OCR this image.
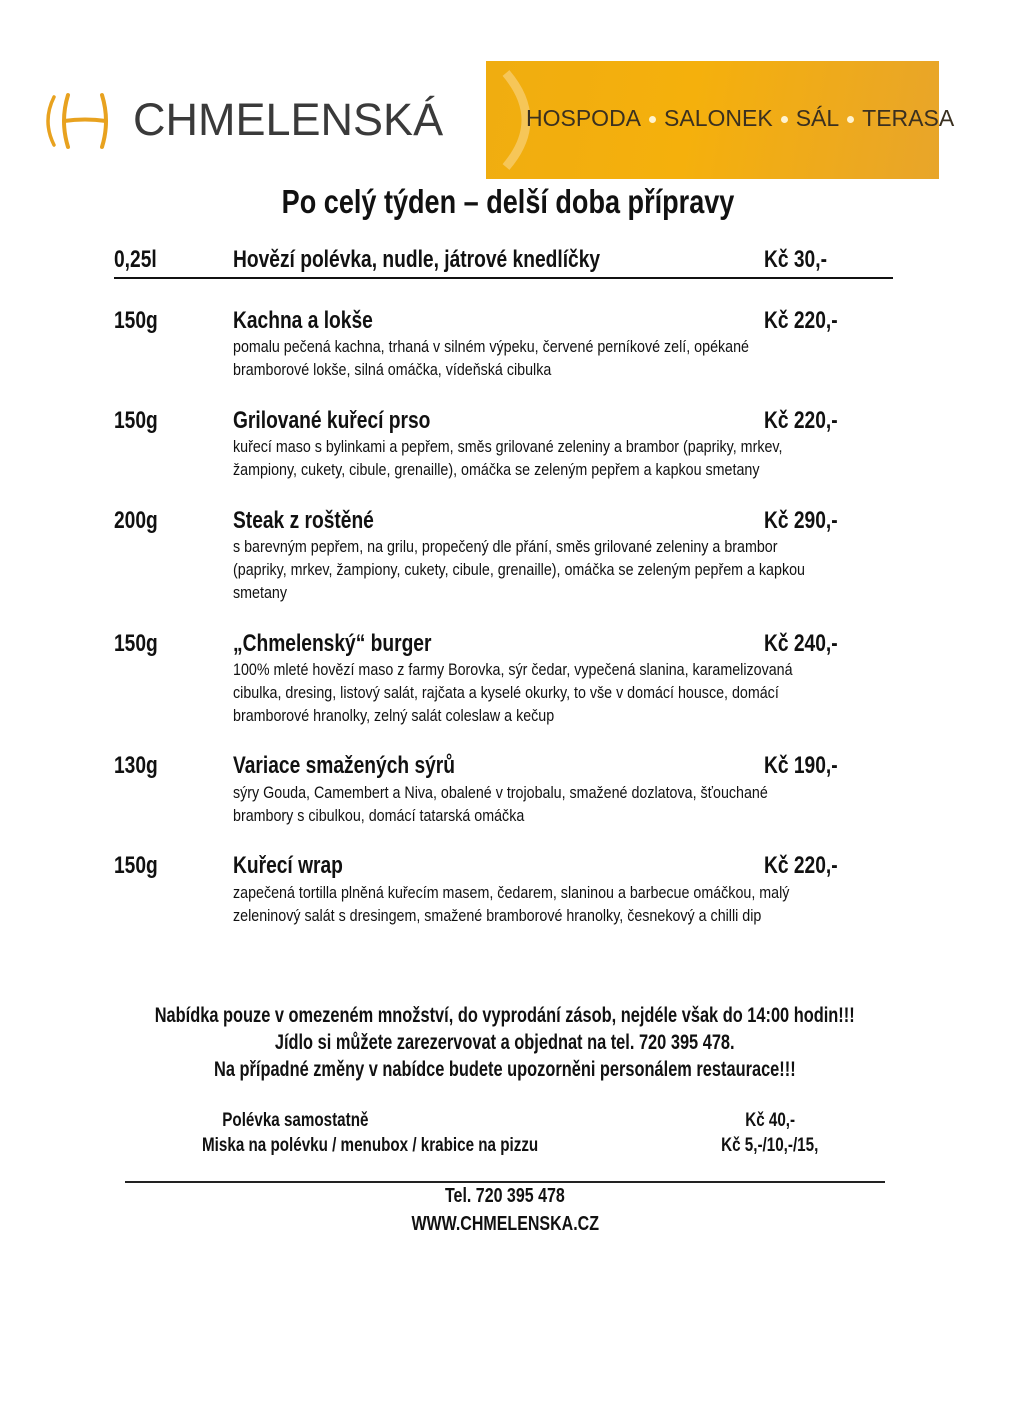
CHMELENSKÁ	HOSPODA SALONEK SÁL TERASA
Po celý týden – delší doba přípravy
0,25l	Hovězí polévka, nudle, játrové knedlíčky	Kč 30,-
150g	Kachna a lokše	Kč 220,-
pomalu pečená kachna, trhaná v silném výpeku, červené perníkové zelí, opékané
bramborové lokše, silná omáčka, vídeňská cibulka
150g	Grilované kuřecí prso	Kč 220,-
kuřecí maso s bylinkami a pepřem, směs grilované zeleniny a brambor (papriky, mrkev,
žampiony, cukety, cibule, grenaille), omáčka se zeleným pepřem a kapkou smetany
200g	Steak z roštěné	Kč 290,-
s barevným pepřem, na grilu, propečený dle přání, směs grilované zeleniny a brambor
(papriky, mrkev, žampiony, cukety, cibule, grenaille), omáčka se zeleným pepřem a kapkou
smetany
150g	„Chmelenský“ burger	Kč 240,-
100% mleté hovězí maso z farmy Borovka, sýr čedar, vypečená slanina, karamelizovaná
cibulka, dresing, listový salát, rajčata a kyselé okurky, to vše v domácí housce, domácí
bramborové hranolky, zelný salát coleslaw a kečup
130g	Variace smažených sýrů	Kč 190,-
sýry Gouda, Camembert a Niva, obalené v trojobalu, smažené dozlatova, šťouchané
brambory s cibulkou, domácí tatarská omáčka
150g	Kuřecí wrap	Kč 220,-
zapečená tortilla plněná kuřecím masem, čedarem, slaninou a barbecue omáčkou, malý
zeleninový salát s dresingem, smažené bramborové hranolky, česnekový a chilli dip
Nabídka pouze v omezeném množství, do vyprodání zásob, nejdéle však do 14:00 hodin!!!
Jídlo si můžete zarezervovat a objednat na tel. 720 395 478.
Na případné změny v nabídce budete upozorněni personálem restaurace!!!
Polévka samostatně	Kč 40,-
Miska na polévku / menubox / krabice na pizzu	Kč 5,-/10,-/15,
Tel. 720 395 478
WWW.CHMELENSKA.CZ
